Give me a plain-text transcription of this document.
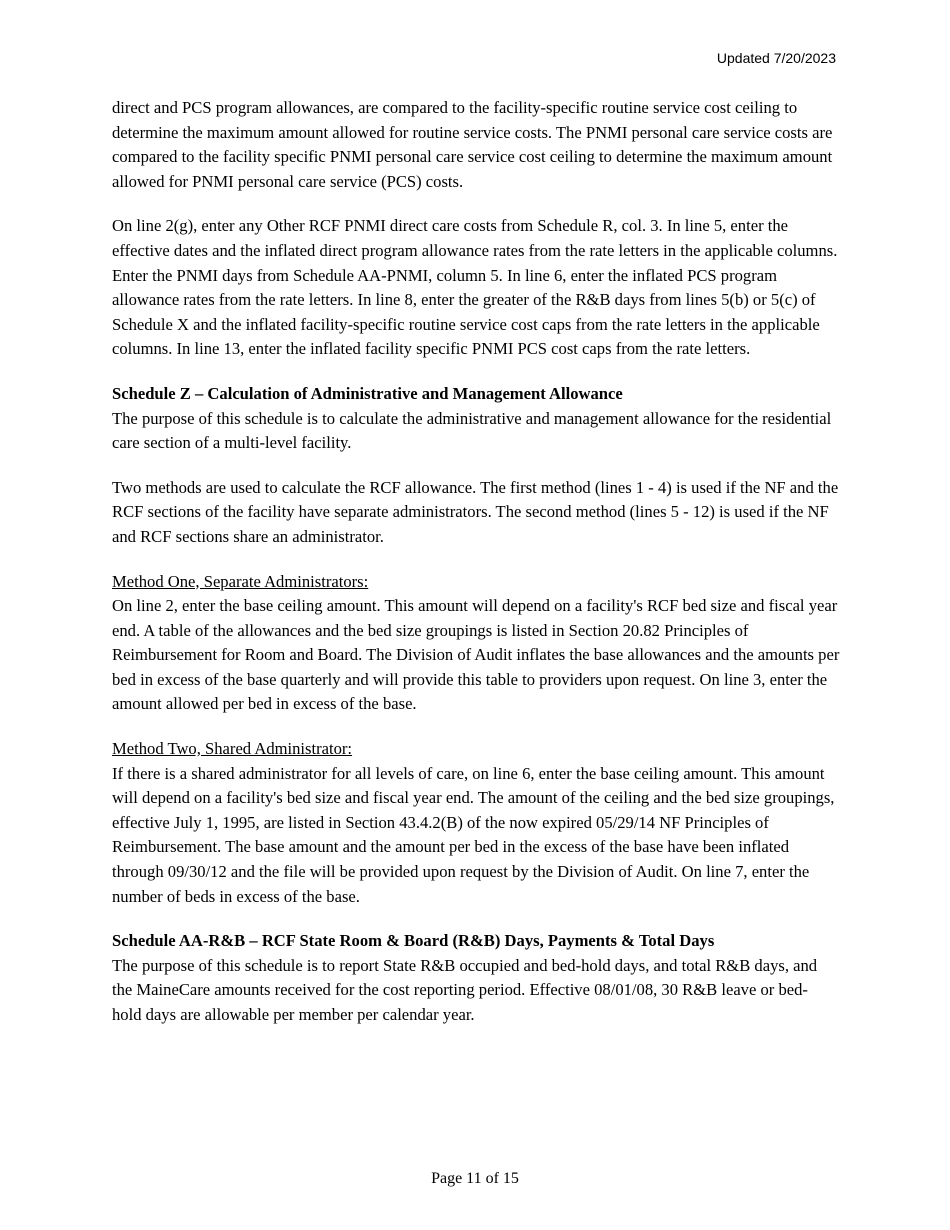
Updated 7/20/2023

direct and PCS program allowances, are compared to the facility-specific routine service cost ceiling to determine the maximum amount allowed for routine service costs. The PNMI personal care service costs are compared to the facility specific PNMI personal care service cost ceiling to determine the maximum amount allowed for PNMI personal care service (PCS) costs.

On line 2(g), enter any Other RCF PNMI direct care costs from Schedule R, col. 3. In line 5, enter the effective dates and the inflated direct program allowance rates from the rate letters in the applicable columns. Enter the PNMI days from Schedule AA-PNMI, column 5. In line 6, enter the inflated PCS program allowance rates from the rate letters. In line 8, enter the greater of the R&B days from lines 5(b) or 5(c) of Schedule X and the inflated facility-specific routine service cost caps from the rate letters in the applicable columns. In line 13, enter the inflated facility specific PNMI PCS cost caps from the rate letters.

Schedule Z – Calculation of Administrative and Management Allowance

The purpose of this schedule is to calculate the administrative and management allowance for the residential care section of a multi-level facility.

Two methods are used to calculate the RCF allowance. The first method (lines 1 - 4) is used if the NF and the RCF sections of the facility have separate administrators. The second method (lines 5 - 12) is used if the NF and RCF sections share an administrator.

Method One, Separate Administrators:

On line 2, enter the base ceiling amount. This amount will depend on a facility's RCF bed size and fiscal year end. A table of the allowances and the bed size groupings is listed in Section 20.82 Principles of Reimbursement for Room and Board. The Division of Audit inflates the base allowances and the amounts per bed in excess of the base quarterly and will provide this table to providers upon request. On line 3, enter the amount allowed per bed in excess of the base.

Method Two, Shared Administrator:

If there is a shared administrator for all levels of care, on line 6, enter the base ceiling amount. This amount will depend on a facility's bed size and fiscal year end. The amount of the ceiling and the bed size groupings, effective July 1, 1995, are listed in Section 43.4.2(B) of the now expired 05/29/14 NF Principles of Reimbursement. The base amount and the amount per bed in the excess of the base have been inflated through 09/30/12 and the file will be provided upon request by the Division of Audit. On line 7, enter the number of beds in excess of the base.

Schedule AA-R&B – RCF State Room & Board (R&B) Days, Payments & Total Days

The purpose of this schedule is to report State R&B occupied and bed-hold days, and total R&B days, and the MaineCare amounts received for the cost reporting period. Effective 08/01/08, 30 R&B leave or bed- hold days are allowable per member per calendar year.

Page 11 of 15
